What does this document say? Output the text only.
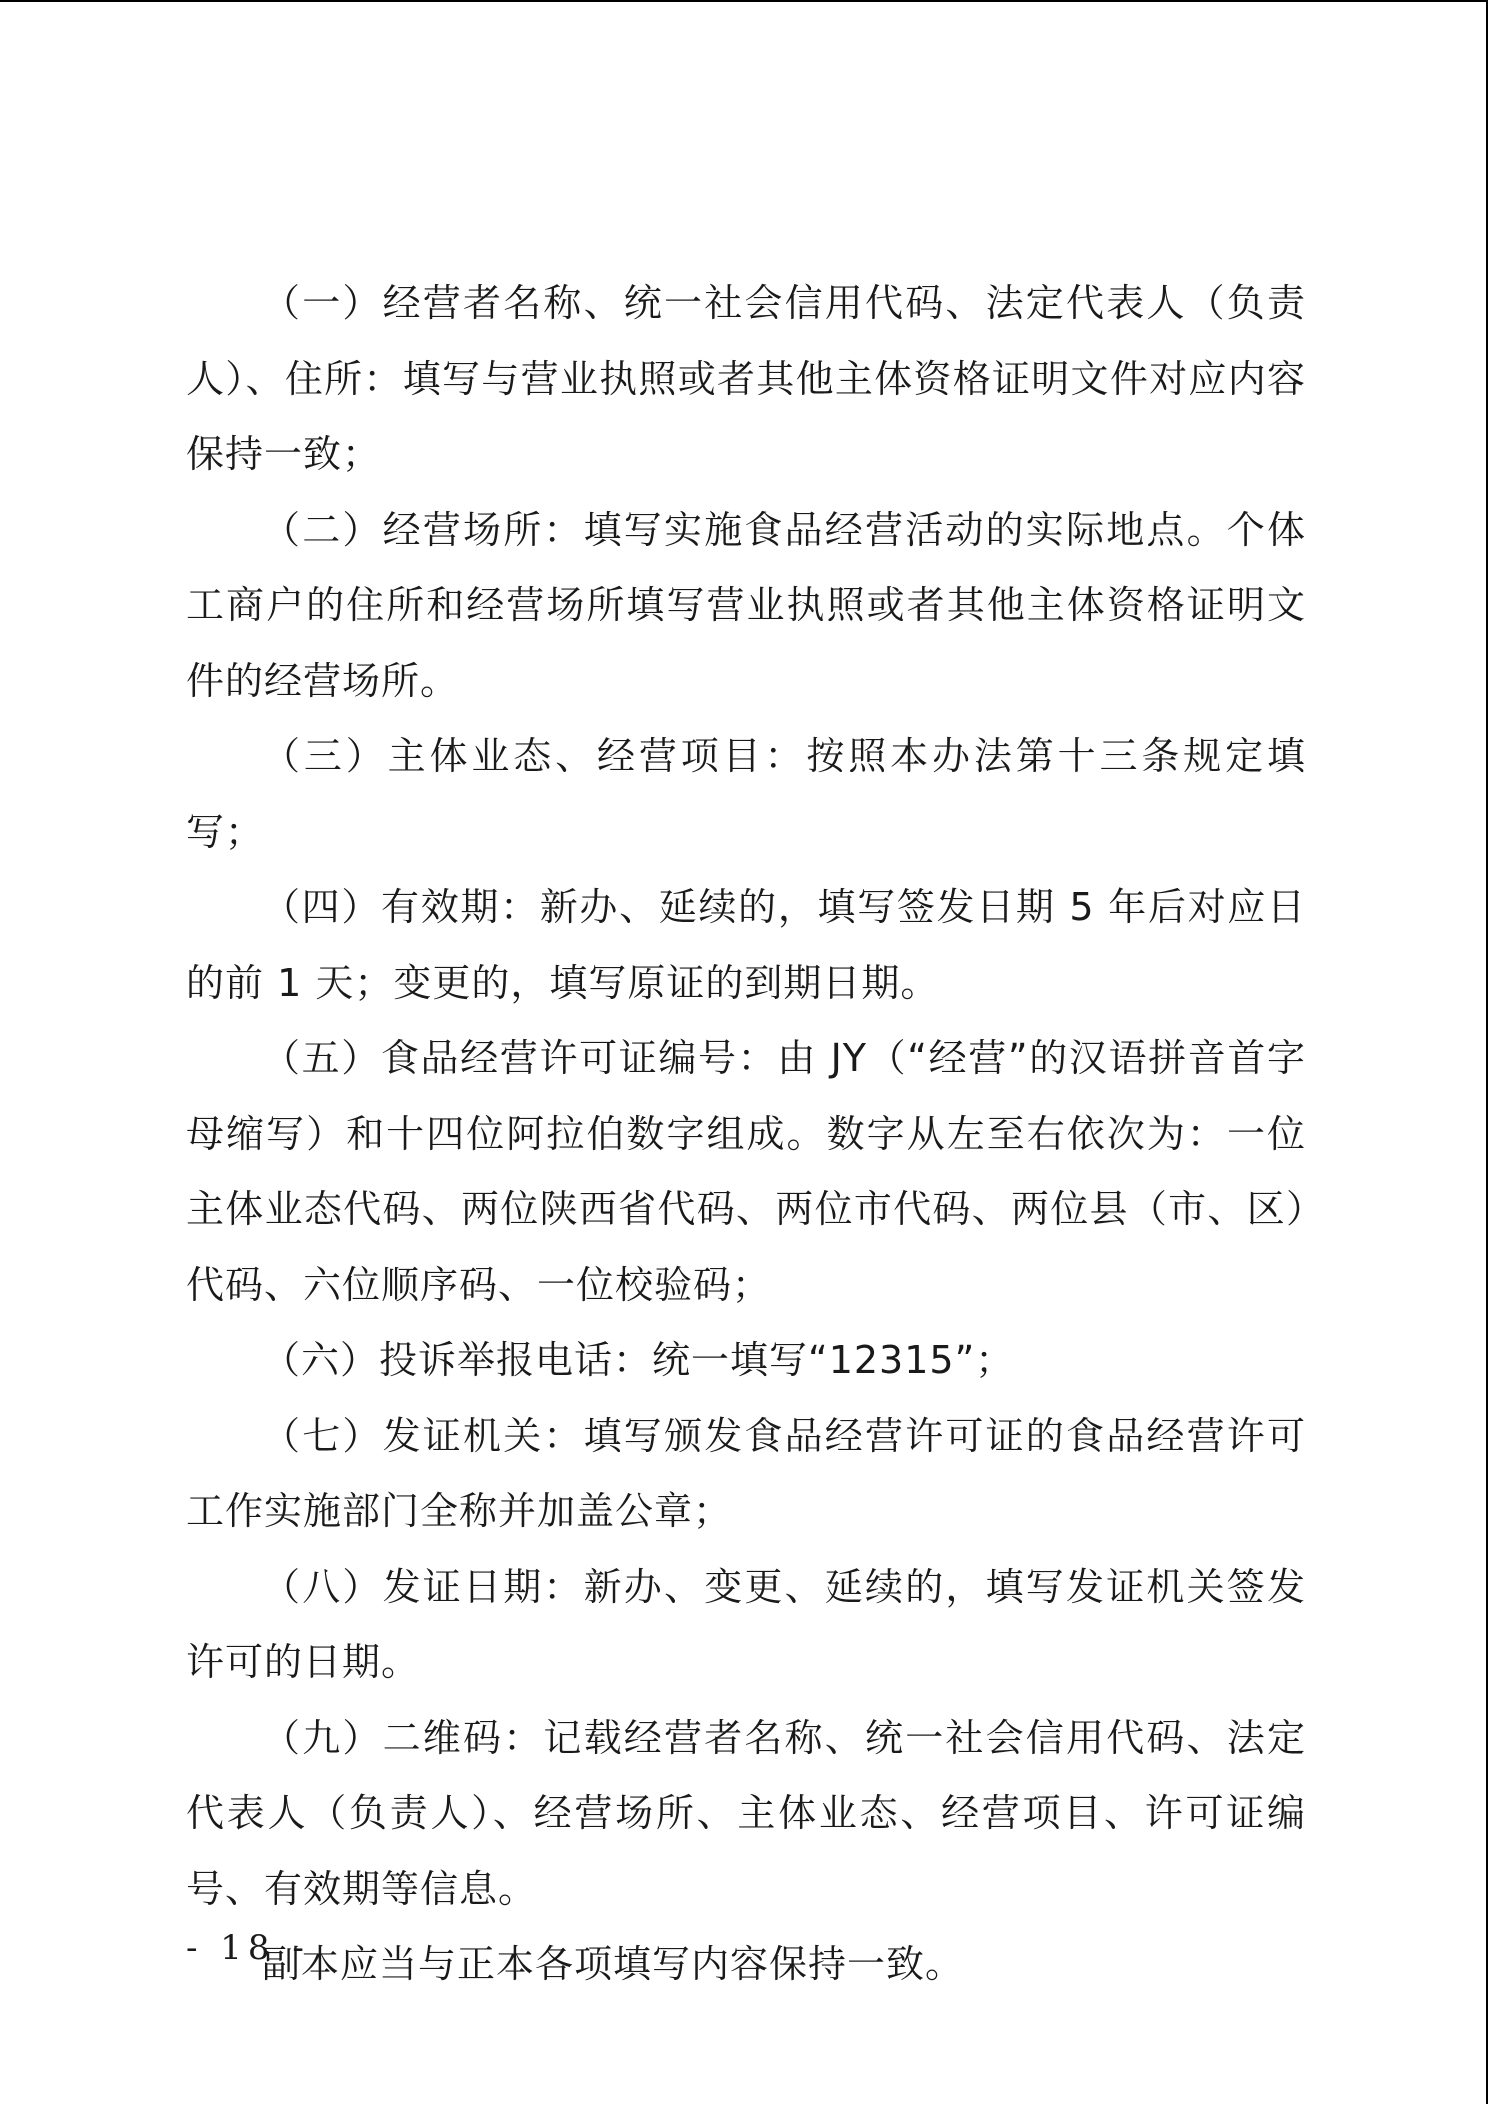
（一）经营者名称、统一社会信用代码、法定代表人（负责人）、住所：填写与营业执照或者其他主体资格证明文件对应内容保持一致；

（二）经营场所：填写实施食品经营活动的实际地点。个体工商户的住所和经营场所填写营业执照或者其他主体资格证明文件的经营场所。

（三）主体业态、经营项目：按照本办法第十三条规定填写；

（四）有效期：新办、延续的，填写签发日期 5 年后对应日的前 1 天；变更的，填写原证的到期日期。

（五）食品经营许可证编号：由 JY（“经营”的汉语拼音首字母缩写）和十四位阿拉伯数字组成。数字从左至右依次为：一位主体业态代码、两位陕西省代码、两位市代码、两位县（市、区）代码、六位顺序码、一位校验码；

（六）投诉举报电话：统一填写“12315”；

（七）发证机关：填写颁发食品经营许可证的食品经营许可工作实施部门全称并加盖公章；

（八）发证日期：新办、变更、延续的，填写发证机关签发许可的日期。

（九）二维码：记载经营者名称、统一社会信用代码、法定代表人（负责人）、经营场所、主体业态、经营项目、许可证编号、有效期等信息。

副本应当与正本各项填写内容保持一致。

- 18 -
